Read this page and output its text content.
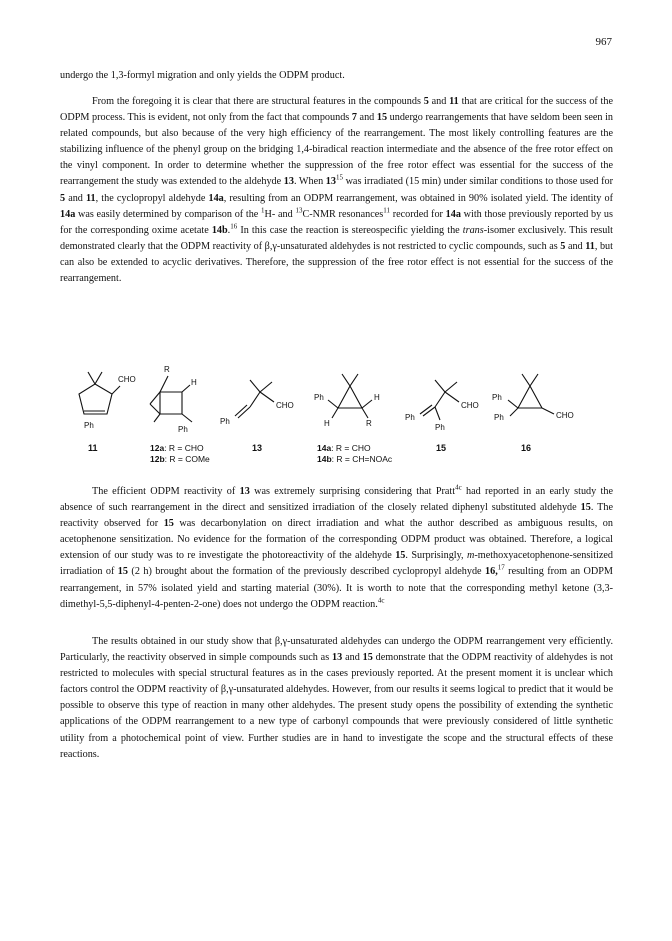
967

undergo the 1,3-formyl migration and only yields the ODPM product.

From the foregoing it is clear that there are structural features in the compounds 5 and 11 that are critical for the success of the ODPM process. This is evident, not only from the fact that compounds 7 and 15 undergo rearrangements that have seldom been seen in related compounds, but also because of the very high efficiency of the rearrangement. The most likely controlling features are the stabilizing influence of the phenyl group on the bridging 1,4-biradical reaction intermediate and the absence of the free rotor effect on the vinyl component. In order to determine whether the suppression of the free rotor effect was essential for the success of the rearrangement the study was extended to the aldehyde 13. When $13^{15}$ was irradiated (15 min) under similar conditions to those used for 5 and 11, the cyclopropyl aldehyde 14a, resulting from an ODPM rearrangement, was obtained in 90% isolated yield. The identity of 14a was easily determined by comparison of the $^1$H- and $^{13}$C-NMR resonances$^{11}$ recorded for 14a with those previously reported by us for the corresponding oxime acetate 14b.$^{16}$ In this case the reaction is stereospecific yielding the trans-isomer exclusively. This result demonstrated clearly that the ODPM reactivity of β,γ-unsaturated aldehydes is not restricted to cyclic compounds, such as 5 and 11, but can also be extended to acyclic derivatives. Therefore, the suppression of the free rotor effect is not essential for the success of the rearrangement.

CHO
Ph
R
H
Ph
CHO
Ph
Ph	H
H	R
CHO
Ph
Ph
Ph
Ph	CHO
11	12a: R = CHO
12b: R = COMe
13	14a: R = CHO
14b: R = CH=NOAc
15	16

The efficient ODPM reactivity of 13 was extremely surprising considering that Pratt$^{4c}$ had reported in an early study the absence of such rearrangement in the direct and sensitized irradiation of the closely related diphenyl substituted aldehyde 15. The reactivity observed for 15 was decarbonylation on direct irradiation and what the author described as ambiguous results, on acetophenone sensitization. No evidence for the formation of the corresponding ODPM product was obtained. Therefore, a logical extension of our study was to re investigate the photoreactivity of the aldehyde 15. Surprisingly, m-methoxyacetophenone-sensitized irradiation of 15 (2 h) brought about the formation of the previously described cyclopropyl aldehyde 16,17 resulting from an ODPM rearrangement, in 57% isolated yield and starting material (30%). It is worth to note that the corresponding methyl ketone (3,3-dimethyl-5,5-diphenyl-4-penten-2-one) does not undergo the ODPM reaction.$^{4c}$

The results obtained in our study show that β,γ-unsaturated aldehydes can undergo the ODPM rearrangement very efficiently. Particularly, the reactivity observed in simple compounds such as 13 and 15 demonstrate that the ODPM reactivity of aldehydes is not restricted to molecules with special structural features as in the cases previously reported. At the present moment it is unclear which factors control the ODPM reactivity of β,γ-unsaturated aldehydes. However, from our results it seems logical to predict that it would be possible to observe this type of reaction in many other aldehydes. The present study opens the possibility of extending the synthetic applications of the ODPM rearrangement to a new type of carbonyl compounds that were previously considered of little synthetic utility from a photochemical point of view. Further studies are in hand to investigate the scope and the structural effects of these reactions.
